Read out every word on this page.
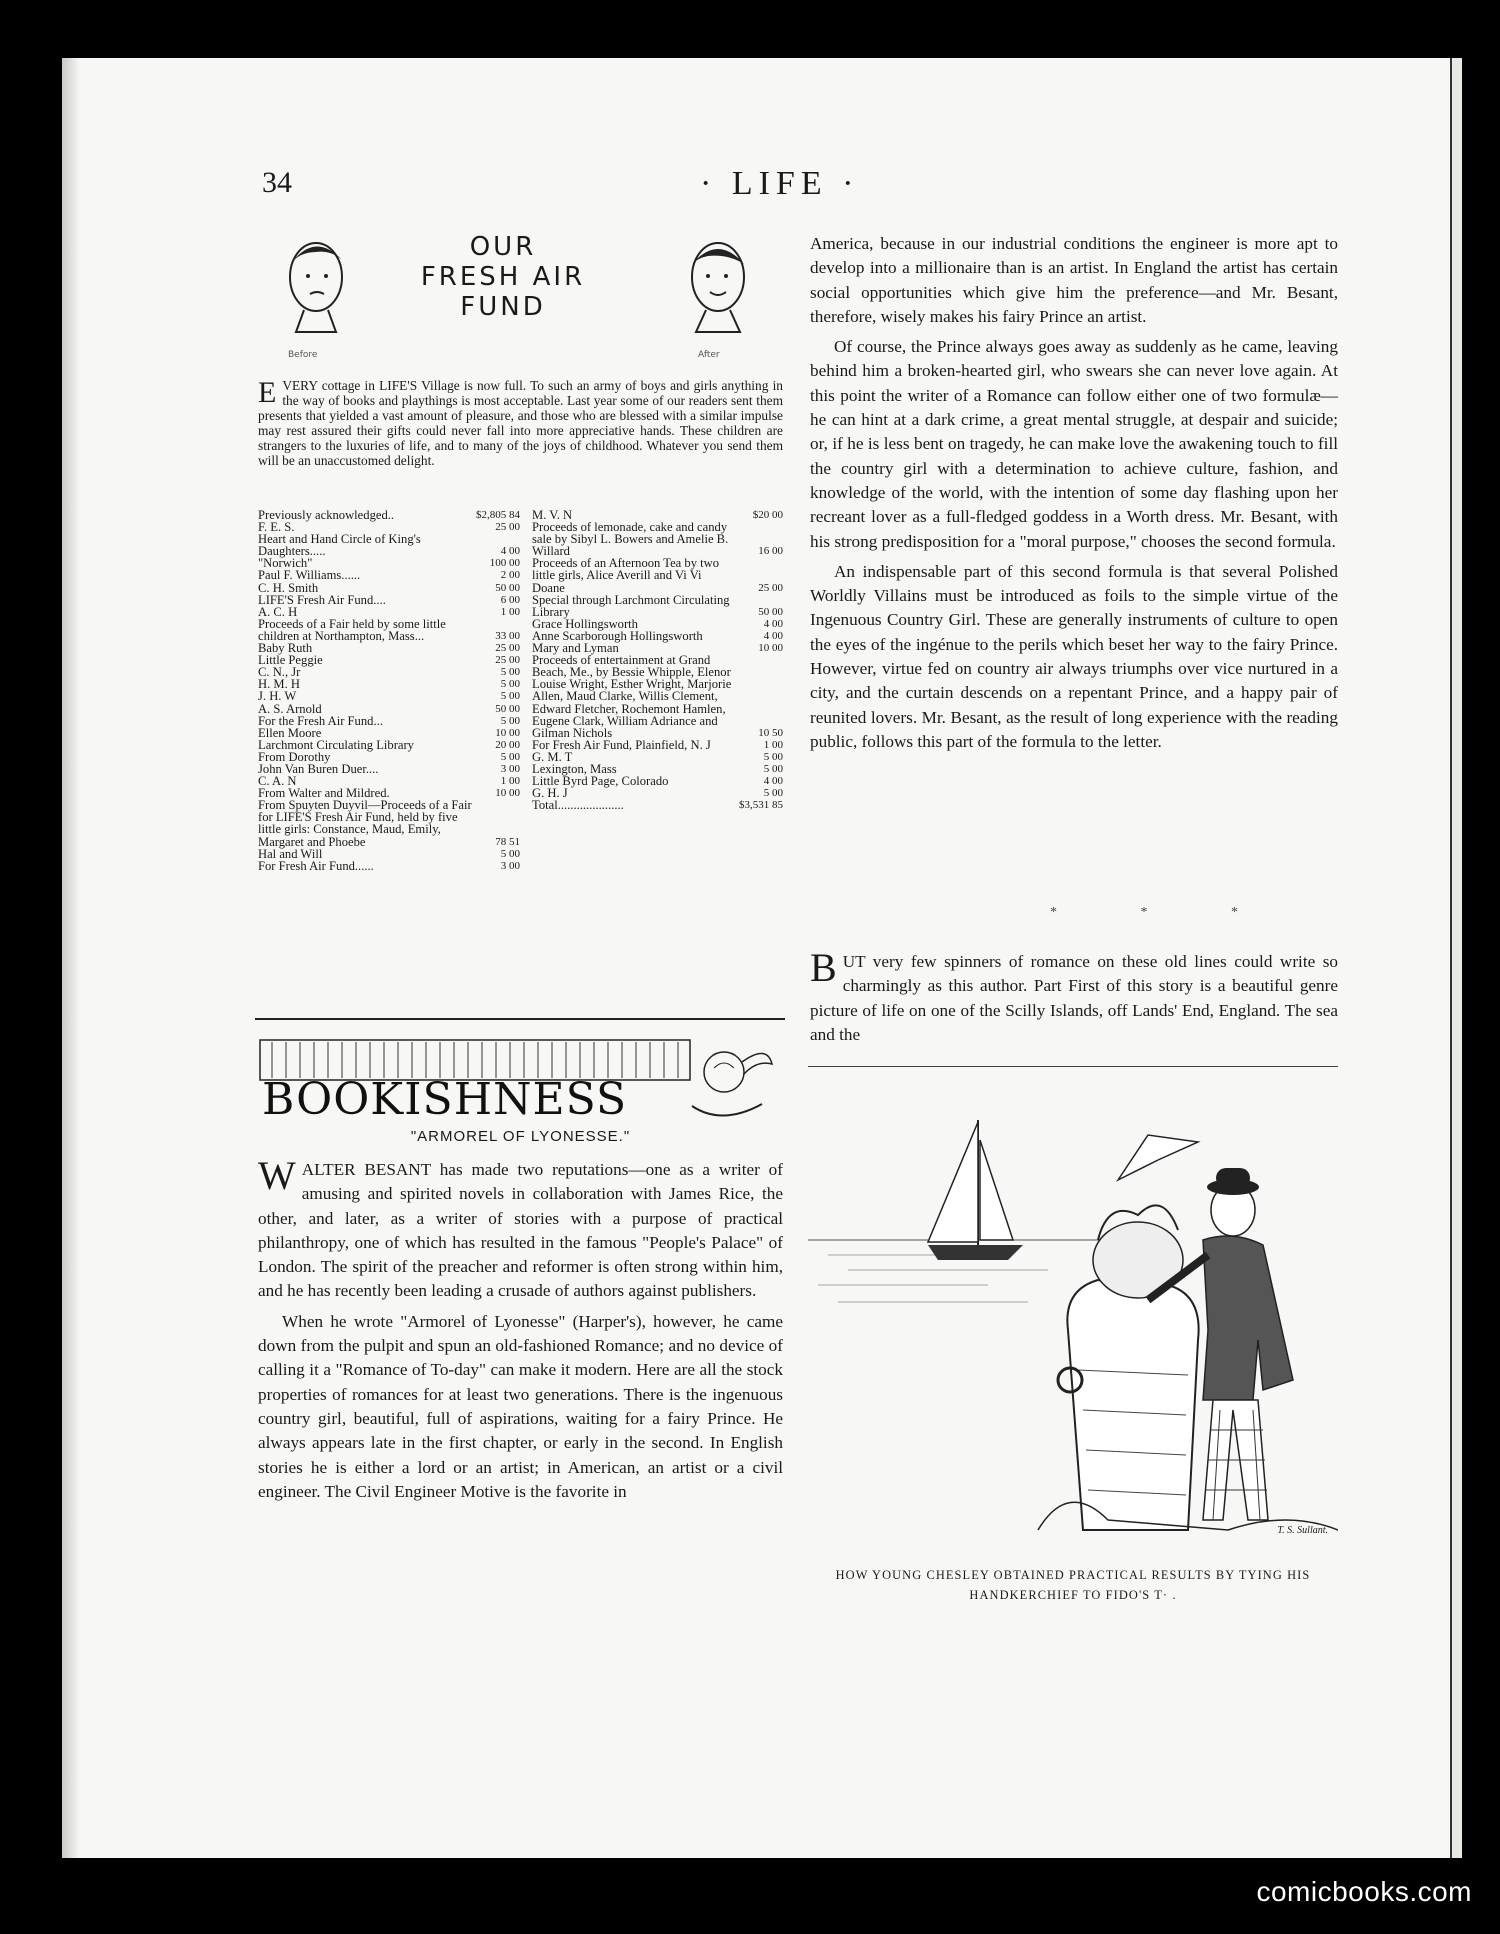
34	· LIFE ·
Before
OUR
FRESH AIR
FUND
After
EVERY cottage in LIFE'S Village is now full. To such an army of boys and girls anything in the way of books and playthings is most acceptable. Last year some of our readers sent them presents that yielded a vast amount of pleasure, and those who are blessed with a similar impulse may rest assured their gifts could never fall into more appreciative hands. These children are strangers to the luxuries of life, and to many of the joys of childhood. Whatever you send them will be an unaccustomed delight.
Previously acknowledged..	$2,805 84
F. E. S.	25 00
Heart and Hand Circle of King's Daughters.....	4 00
"Norwich"	100 00
Paul F. Williams......	2 00
C. H. Smith	50 00
LIFE'S Fresh Air Fund....	6 00
A. C. H	1 00
Proceeds of a Fair held by some little children at Northampton, Mass...	33 00
Baby Ruth	25 00
Little Peggie	25 00
C. N., Jr	5 00
H. M. H	5 00
J. H. W	5 00
A. S. Arnold	50 00
For the Fresh Air Fund...	5 00
Ellen Moore	10 00
Larchmont Circulating Library	20 00
From Dorothy	5 00
John Van Buren Duer....	3 00
C. A. N	1 00
From Walter and Mildred.	10 00
From Spuyten Duyvil—Proceeds of a Fair for LIFE'S Fresh Air Fund, held by five little girls: Constance, Maud, Emily, Margaret and Phoebe	78 51
Hal and Will	5 00
For Fresh Air Fund......	3 00
M. V. N	$20 00
Proceeds of lemonade, cake and candy sale by Sibyl L. Bowers and Amelie B. Willard	16 00
Proceeds of an Afternoon Tea by two little girls, Alice Averill and Vi Vi Doane	25 00
Special through Larchmont Circulating Library	50 00
Grace Hollingsworth	4 00
Anne Scarborough Hollingsworth	4 00
Mary and Lyman	10 00
Proceeds of entertainment at Grand Beach, Me., by Bessie Whipple, Elenor Louise Wright, Esther Wright, Marjorie Allen, Maud Clarke, Willis Clement, Edward Fletcher, Rochemont Hamlen, Eugene Clark, William Adriance and Gilman Nichols	10 50
For Fresh Air Fund, Plainfield, N. J	1 00
G. M. T	5 00
Lexington, Mass	5 00
Little Byrd Page, Colorado	4 00
G. H. J	5 00
Total.....................	$3,531 85
BOOKISHNESS
"ARMOREL OF LYONESSE."

WALTER BESANT has made two reputations—one as a writer of amusing and spirited novels in collaboration with James Rice, the other, and later, as a writer of stories with a purpose of practical philanthropy, one of which has resulted in the famous "People's Palace" of London. The spirit of the preacher and reformer is often strong within him, and he has recently been leading a crusade of authors against publishers.

When he wrote "Armorel of Lyonesse" (Harper's), however, he came down from the pulpit and spun an old-fashioned Romance; and no device of calling it a "Romance of To-day" can make it modern. Here are all the stock properties of romances for at least two generations. There is the ingenuous country girl, beautiful, full of aspirations, waiting for a fairy Prince. He always appears late in the first chapter, or early in the second. In English stories he is either a lord or an artist; in American, an artist or a civil engineer. The Civil Engineer Motive is the favorite in

America, because in our industrial conditions the engineer is more apt to develop into a millionaire than is an artist. In England the artist has certain social opportunities which give him the preference—and Mr. Besant, therefore, wisely makes his fairy Prince an artist.

Of course, the Prince always goes away as suddenly as he came, leaving behind him a broken-hearted girl, who swears she can never love again. At this point the writer of a Romance can follow either one of two formulæ—he can hint at a dark crime, a great mental struggle, at despair and suicide; or, if he is less bent on tragedy, he can make love the awakening touch to fill the country girl with a determination to achieve culture, fashion, and knowledge of the world, with the intention of some day flashing upon her recreant lover as a full-fledged goddess in a Worth dress. Mr. Besant, with his strong predisposition for a "moral purpose," chooses the second formula.

An indispensable part of this second formula is that several Polished Worldly Villains must be introduced as foils to the simple virtue of the Ingenuous Country Girl. These are generally instruments of culture to open the eyes of the ingénue to the perils which beset her way to the fairy Prince. However, virtue fed on country air always triumphs over vice nurtured in a city, and the curtain descends on a repentant Prince, and a happy pair of reunited lovers. Mr. Besant, as the result of long experience with the reading public, follows this part of the formula to the letter.

* * *

BUT very few spinners of romance on these old lines could write so charmingly as this author. Part First of this story is a beautiful genre picture of life on one of the Scilly Islands, off Lands' End, England. The sea and the

T. S. Sullant.
HOW YOUNG CHESLEY OBTAINED PRACTICAL RESULTS BY TYING HIS HANDKERCHIEF TO FIDO'S T· .
comicbooks.com
